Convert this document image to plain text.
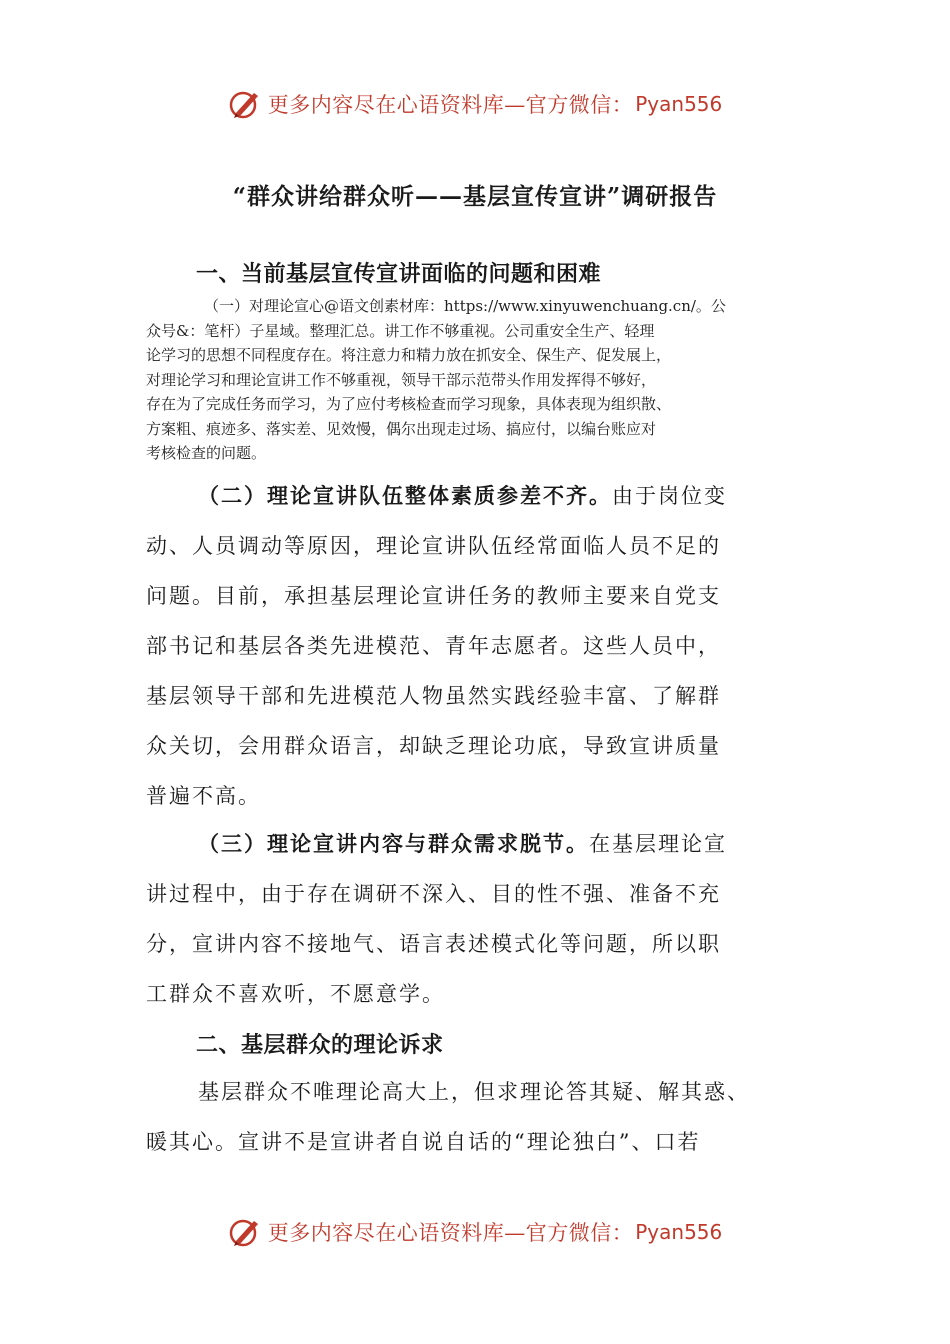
更多内容尽在心语资料库—官方微信： Pyan556
“群众讲给群众听——基层宣传宣讲”调研报告
一、当前基层宣传宣讲面临的问题和困难
（一）对理论宣心@语文创素材库：https://www.xinyuwenchuang.cn/。公
众号&：笔杆）子星域。整理汇总。讲工作不够重视。公司重安全生产、轻理
论学习的思想不同程度存在。将注意力和精力放在抓安全、保生产、促发展上，
对理论学习和理论宣讲工作不够重视，领导干部示范带头作用发挥得不够好，
存在为了完成任务而学习，为了应付考核检查而学习现象，具体表现为组织散、
方案粗、痕迹多、落实差、见效慢，偶尔出现走过场、搞应付，以编台账应对
考核检查的问题。
（二）理论宣讲队伍整体素质参差不齐。由于岗位变
动、人员调动等原因，理论宣讲队伍经常面临人员不足的
问题。目前，承担基层理论宣讲任务的教师主要来自党支
部书记和基层各类先进模范、青年志愿者。这些人员中，
基层领导干部和先进模范人物虽然实践经验丰富、了解群
众关切，会用群众语言，却缺乏理论功底，导致宣讲质量
普遍不高。
（三）理论宣讲内容与群众需求脱节。在基层理论宣
讲过程中，由于存在调研不深入、目的性不强、准备不充
分，宣讲内容不接地气、语言表述模式化等问题，所以职
工群众不喜欢听，不愿意学。
二、基层群众的理论诉求
基层群众不唯理论高大上，但求理论答其疑、解其惑、
暖其心。宣讲不是宣讲者自说自话的“理论独白”、口若
更多内容尽在心语资料库—官方微信： Pyan556
